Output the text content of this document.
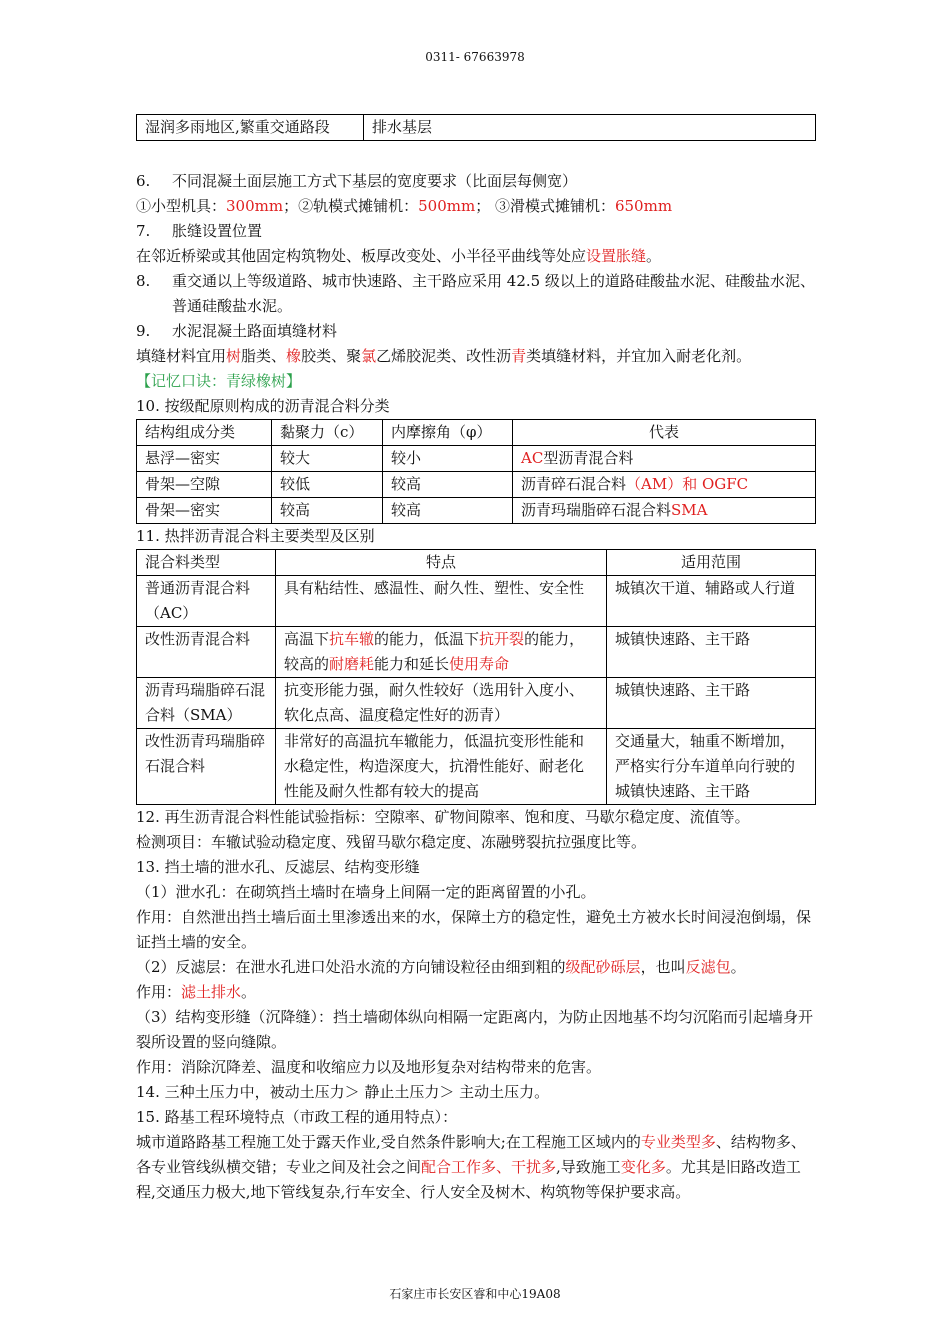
0311- 67663978
湿润多雨地区,繁重交通路段	排水基层

6. 不同混凝土面层施工方式下基层的宽度要求（比面层每侧宽）

①小型机具：300mm；②轨模式摊铺机：500mm； ③滑模式摊铺机：650mm

7. 胀缝设置位置

在邻近桥梁或其他固定构筑物处、板厚改变处、小半径平曲线等处应设置胀缝。

8. 重交通以上等级道路、城市快速路、主干路应采用 42.5 级以上的道路硅酸盐水泥、硅酸盐水泥、普通硅酸盐水泥。

9. 水泥混凝土路面填缝材料

填缝材料宜用树脂类、橡胶类、聚氯乙烯胶泥类、改性沥青类填缝材料，并宜加入耐老化剂。

【记忆口诀：青绿橡树】

10. 按级配原则构成的沥青混合料分类

结构组成分类	黏聚力（c）	内摩擦角（φ）	代表
悬浮—密实	较大	较小	AC型沥青混合料
骨架—空隙	较低	较高	沥青碎石混合料（AM）和 OGFC
骨架—密实	较高	较高	沥青玛瑞脂碎石混合料SMA

11. 热拌沥青混合料主要类型及区别

混合料类型	特点	适用范围
普通沥青混合料（AC）	具有粘结性、感温性、耐久性、塑性、安全性	城镇次干道、辅路或人行道
改性沥青混合料	高温下抗车辙的能力，低温下抗开裂的能力，较高的耐磨耗能力和延长使用寿命	城镇快速路、主干路
沥青玛瑞脂碎石混合料（SMA）	抗变形能力强，耐久性较好（选用针入度小、软化点高、温度稳定性好的沥青）	城镇快速路、主干路
改性沥青玛瑞脂碎石混合料	非常好的高温抗车辙能力，低温抗变形性能和水稳定性，构造深度大，抗滑性能好、耐老化性能及耐久性都有较大的提高	交通量大，轴重不断增加，严格实行分车道单向行驶的城镇快速路、主干路

12. 再生沥青混合料性能试验指标：空隙率、矿物间隙率、饱和度、马歇尔稳定度、流值等。

检测项目：车辙试验动稳定度、残留马歇尔稳定度、冻融劈裂抗拉强度比等。

13. 挡土墙的泄水孔、反滤层、结构变形缝

（1）泄水孔：在砌筑挡土墙时在墙身上间隔一定的距离留置的小孔。

作用：自然泄出挡土墙后面土里渗透出来的水，保障土方的稳定性，避免土方被水长时间浸泡倒塌，保证挡土墙的安全。

（2）反滤层：在泄水孔进口处沿水流的方向铺设粒径由细到粗的级配砂砾层，也叫反滤包。

作用：滤土排水。

（3）结构变形缝（沉降缝）：挡土墙砌体纵向相隔一定距离内，为防止因地基不均匀沉陷而引起墙身开裂所设置的竖向缝隙。

作用：消除沉降差、温度和收缩应力以及地形复杂对结构带来的危害。

14. 三种土压力中，被动土压力＞ 静止土压力＞ 主动土压力。

15. 路基工程环境特点（市政工程的通用特点）：

城市道路路基工程施工处于露天作业,受自然条件影响大;在工程施工区域内的专业类型多、结构物多、各专业管线纵横交错；专业之间及社会之间配合工作多、干扰多,导致施工变化多。尤其是旧路改造工程,交通压力极大,地下管线复杂,行车安全、行人安全及树木、构筑物等保护要求高。

石家庄市长安区睿和中心19A08
